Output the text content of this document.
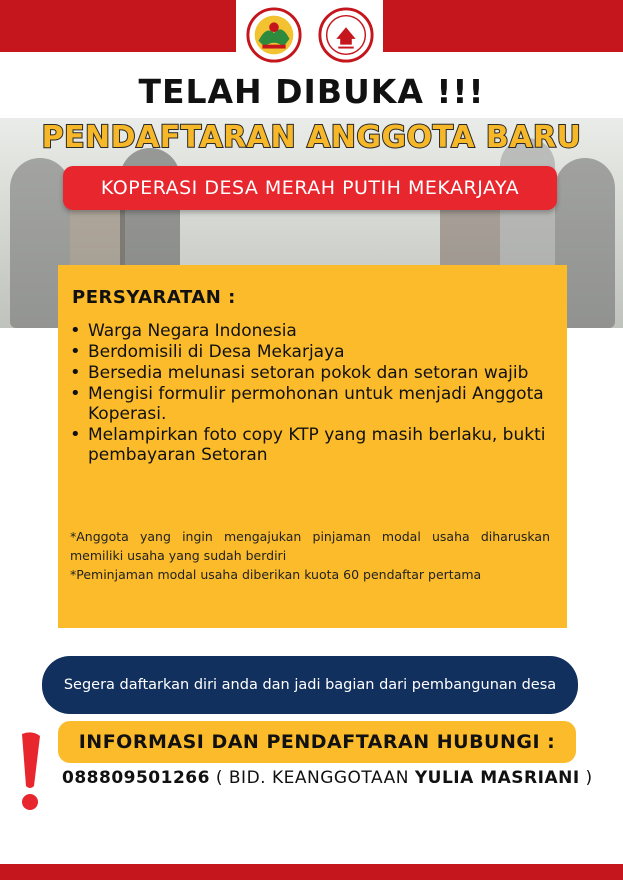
TELAH DIBUKA !!!
PENDAFTARAN ANGGOTA BARU
KOPERASI DESA MERAH PUTIH MEKARJAYA
PERSYARATAN :
• Warga Negara Indonesia
• Berdomisili di Desa Mekarjaya
• Bersedia melunasi setoran pokok dan setoran wajib
• Mengisi formulir permohonan untuk menjadi Anggota Koperasi.
• Melampirkan foto copy KTP yang masih berlaku, bukti pembayaran Setoran

*Anggota yang ingin mengajukan pinjaman modal usaha diharuskan memiliki usaha yang sudah berdiri

*Peminjaman modal usaha diberikan kuota 60 pendaftar pertama

Segera daftarkan diri anda dan jadi bagian dari pembangunan desa
INFORMASI DAN PENDAFTARAN HUBUNGI :
088809501266 ( BID. KEANGGOTAAN YULIA MASRIANI )
